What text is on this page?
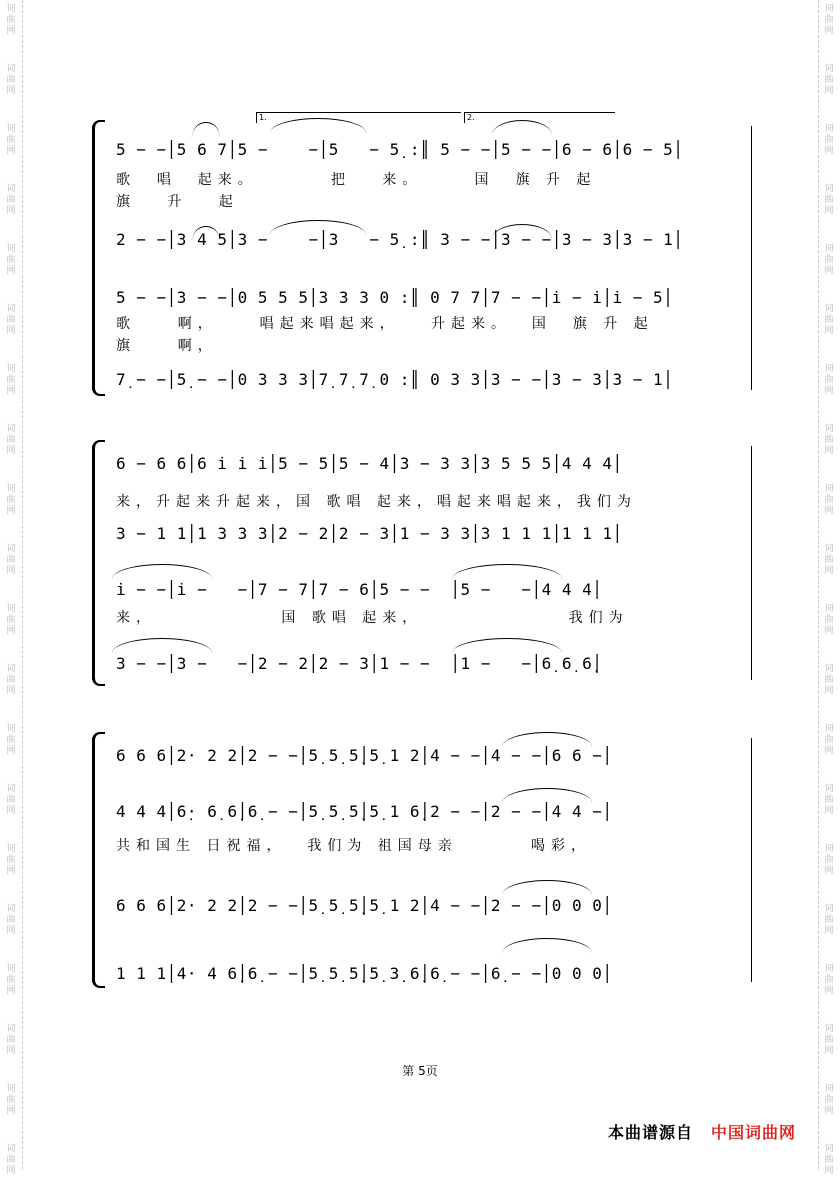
词曲网
词曲网
词曲网
词曲网
词曲网
词曲网
词曲网
词曲网
词曲网
词曲网
词曲网
词曲网
词曲网
词曲网
词曲网
词曲网
词曲网
词曲网
词曲网
词曲网
词曲网
词曲网
词曲网
词曲网
词曲网
词曲网
词曲网
词曲网
词曲网
词曲网
词曲网
词曲网
词曲网
词曲网
词曲网
词曲网
词曲网
词曲网
词曲网
词曲网
1.	2.
5 − −│5 6 7│5 −    −│5   − 5̣ :║ 5 − −│5 − −│6 − 6│6 − 5│
歌  唱  起来。       把   来。     国  旗 升 起
旗   升   起
2 − −│3 4 5│3 −    −│3   − 5̣ :║ 3 − −│3 − −│3 − 3│3 − 1│
5 − −│3 − −│0 5 5 5│3 3 3 0 :║ 0 7 7│7 − −│i̇ − i̇│i̇ − 5│
歌    啊，    唱起来唱起来，   升起来。  国  旗 升 起
旗    啊，
7̣ − −│5̣ − −│0 3 3 3│7̣ 7̣ 7̣ 0 :║ 0 3 3│3 − −│3 − 3│3 − 1│
6 − 6 6│6 i̇ i̇ i̇│5 − 5│5 − 4│3 − 3 3│3 5 5 5│4 4 4│
来，升起来升起来，国 歌唱 起来，唱起来唱起来，我们为
3 − 1 1│1 3 3 3│2 − 2│2 − 3│1 − 3 3│3 1 1 1│1 1 1│
i̇ − −│i̇ −   −│7 − 7│7 − 6│5 − −  │5 −   −│4 4 4│
来，            国 歌唱 起来，              我们为
3 − −│3 −   −│2 − 2│2 − 3│1 − −  │1 −   −│6̣ 6̣ 6̣│
6 6 6│2· 2 2│2 − −│5̣ 5̣ 5̣│5̣ 1 2│4 − −│4 − −│6 6 −│
4 4 4│6̣· 6̣ 6̣│6̣ − −│5̣ 5̣ 5̣│5̣ 1 6̣│2 − −│2 − −│4 4 −│
共和国生 日祝福，  我们为 祖国母亲       喝彩，
6 6 6│2· 2 2│2 − −│5̣ 5̣ 5̣│5̣ 1 2│4 − −│2 − −│0 0 0│
1 1 1│4· 4 6̣│6̣ − −│5̣ 5̣ 5̣│5̣ 3̣ 6̣│6̣ − −│6̣ − −│0 0 0│
第 5页
本曲谱源自 中国词曲网
